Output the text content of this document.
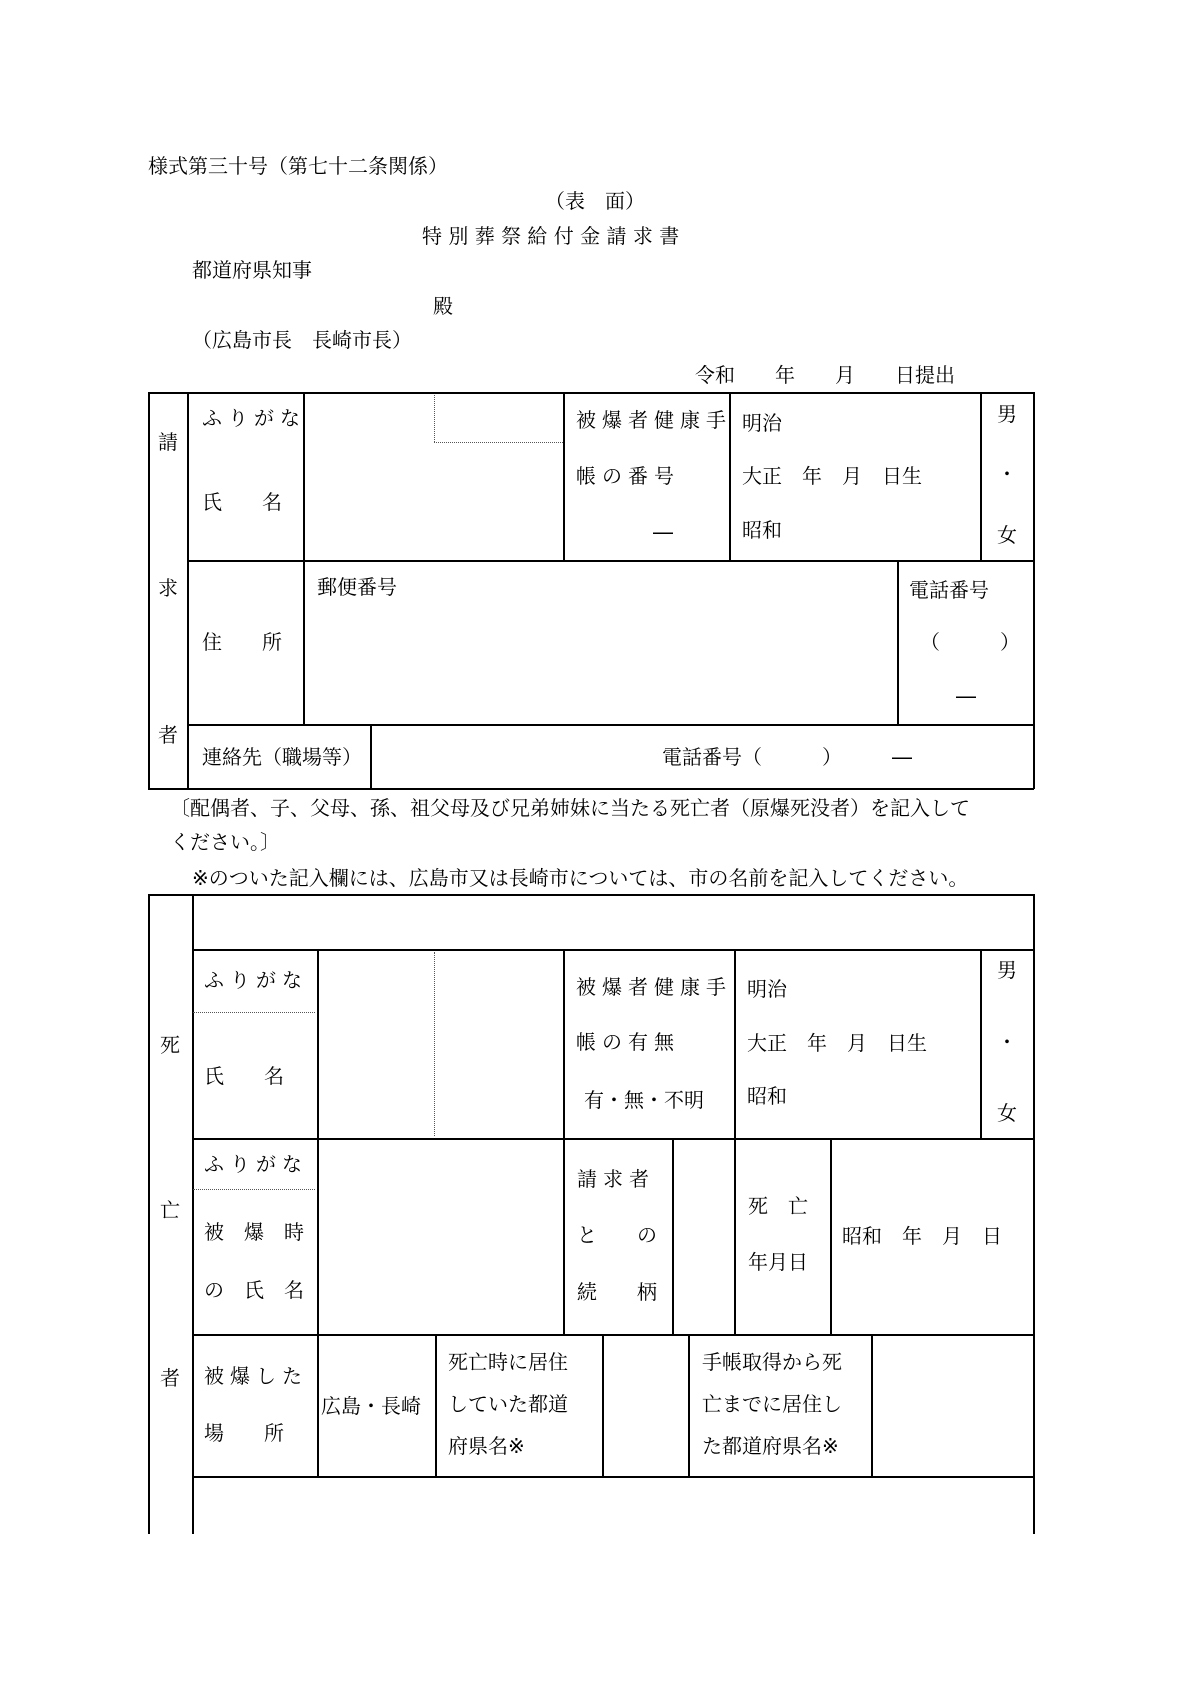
様式第三十号（第七十二条関係）
（表　面）
特 別 葬 祭 給 付 金 請 求 書
都道府県知事
殿
（広島市長　長崎市長）
令和　　年　　月　　日提出
請
求
者
ふりがな
氏　　名
被爆者健康手
帳の番号
―
明治
大正　年　月　日生
昭和
男
・
女
住　　所
郵便番号	電話番号
（　　　）
―
連絡先（職場等）	電話番号（　　　）　　　―
〔配偶者、子、父母、孫、祖父母及び兄弟姉妹に当たる死亡者（原爆死没者）を記入して
ください。〕
※のついた記入欄には、広島市又は長崎市については、市の名前を記入してください。
死
亡
者
ふりがな
氏　　名
被爆者健康手
帳の有無
有・無・不明
明治
大正　年　月　日生
昭和
男
・
女
ふりがな
被　爆　時
の　氏　名
請求者
と　　の
続　　柄
死　亡
年月日
昭和　年　月　日
被爆した
場　　所
広島・長崎
死亡時に居住
していた都道
府県名※
手帳取得から死
亡までに居住し
た都道府県名※
